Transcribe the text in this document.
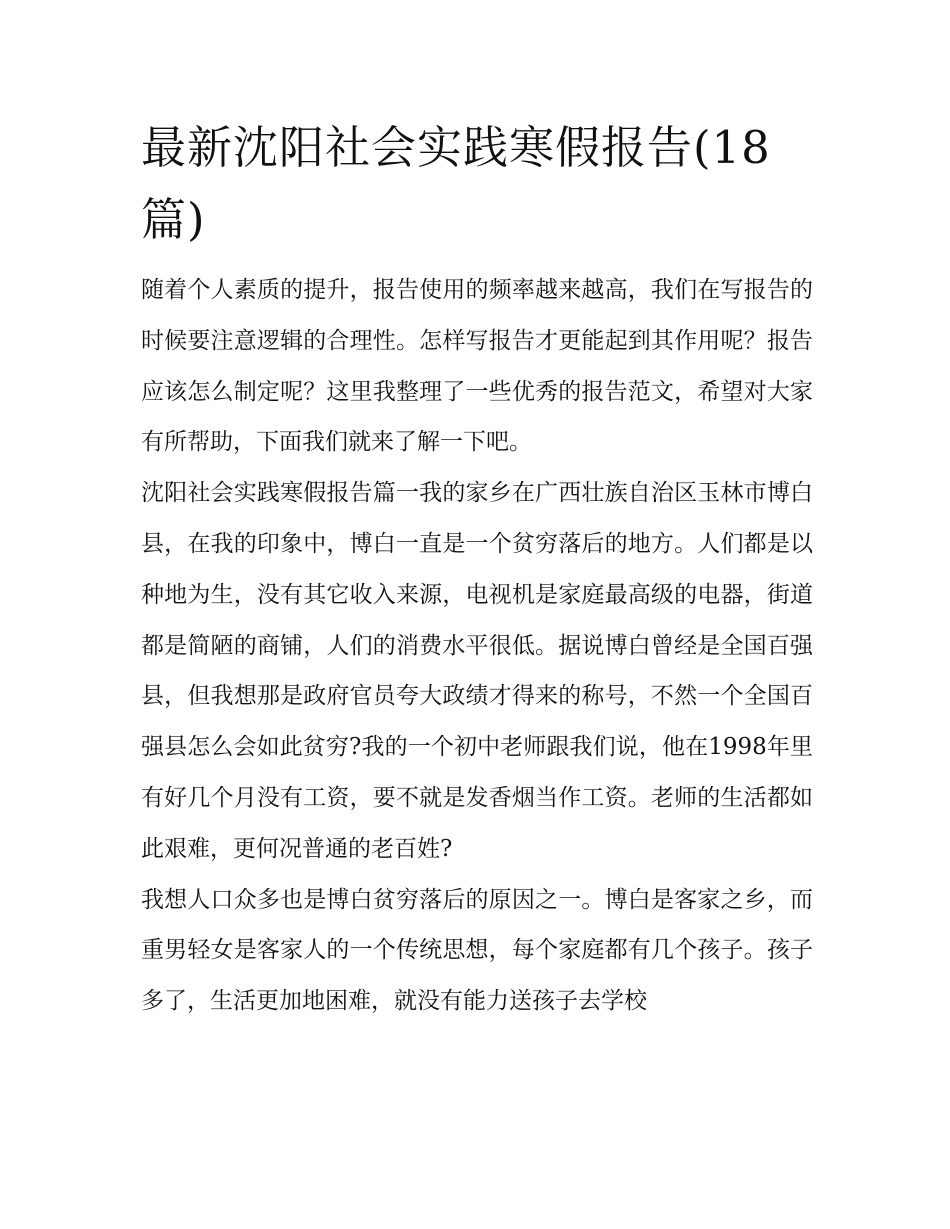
最新沈阳社会实践寒假报告(18篇)

随着个人素质的提升，报告使用的频率越来越高，我们在写报告的时候要注意逻辑的合理性。怎样写报告才更能起到其作用呢？报告应该怎么制定呢？这里我整理了一些优秀的报告范文，希望对大家有所帮助，下面我们就来了解一下吧。

沈阳社会实践寒假报告篇一我的家乡在广西壮族自治区玉林市博白县，在我的印象中，博白一直是一个贫穷落后的地方。人们都是以种地为生，没有其它收入来源，电视机是家庭最高级的电器，街道都是简陋的商铺，人们的消费水平很低。据说博白曾经是全国百强县，但我想那是政府官员夸大政绩才得来的称号，不然一个全国百强县怎么会如此贫穷?我的一个初中老师跟我们说，他在1998年里有好几个月没有工资，要不就是发香烟当作工资。老师的生活都如此艰难，更何况普通的老百姓?

我想人口众多也是博白贫穷落后的原因之一。博白是客家之乡，而重男轻女是客家人的一个传统思想，每个家庭都有几个孩子。孩子多了，生活更加地困难，就没有能力送孩子去学校
